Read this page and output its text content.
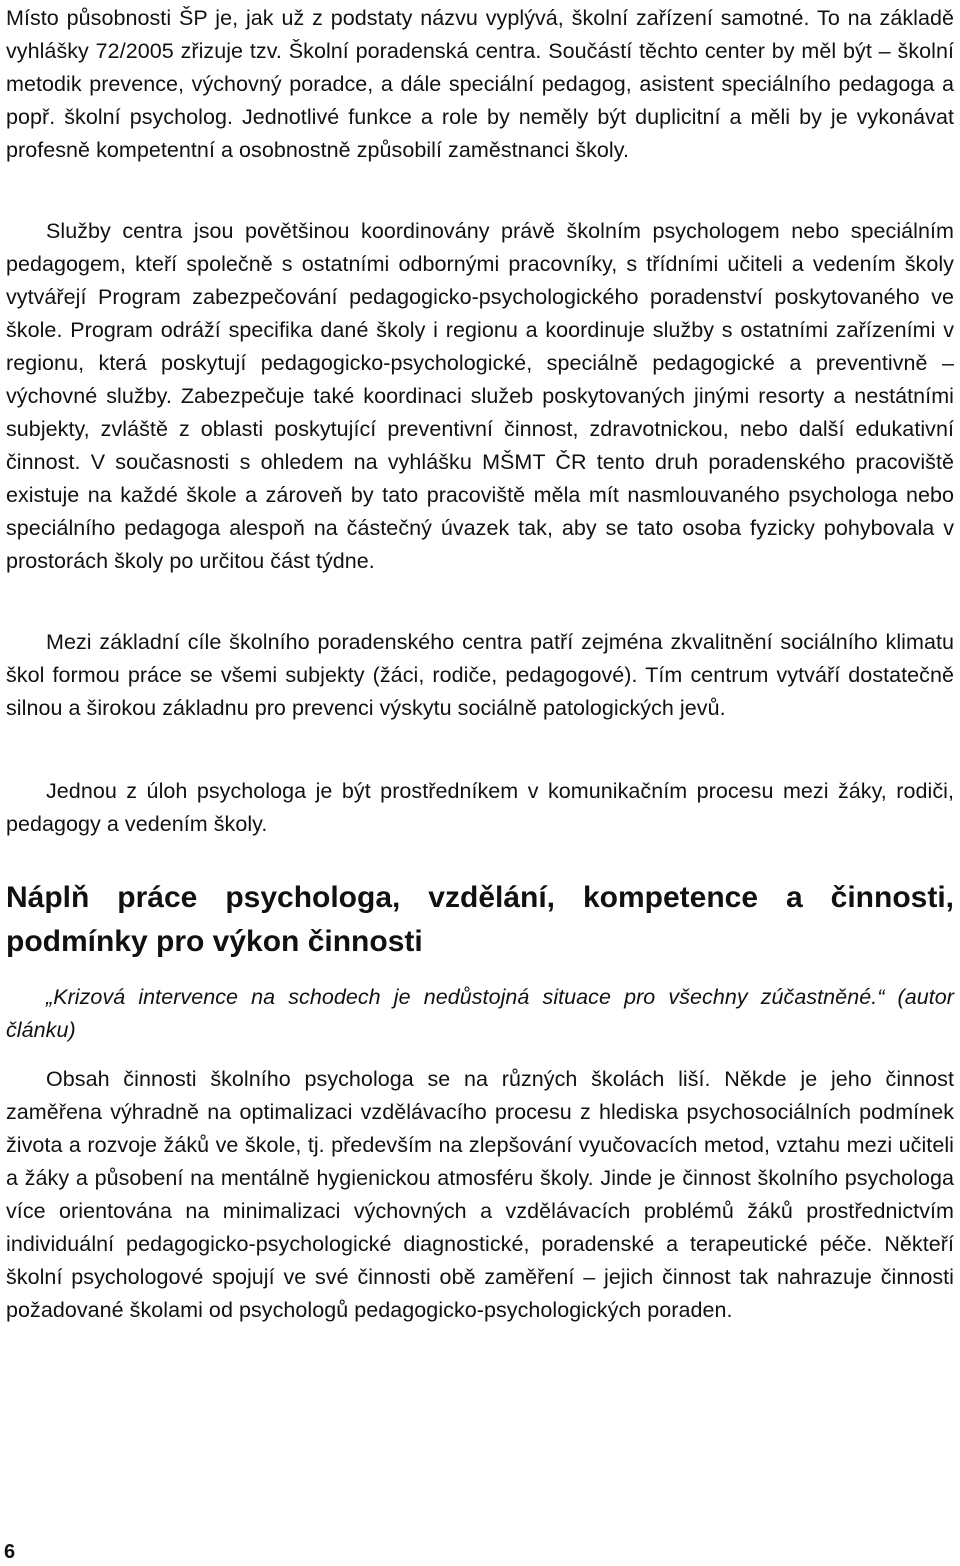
Místo působnosti ŠP je, jak už z podstaty názvu vyplývá, školní zařízení samotné. To na základě vyhlášky 72/2005 zřizuje tzv. Školní poradenská centra. Součástí těchto center by měl být – školní metodik prevence, výchovný poradce, a dále speciální pedagog, asistent speciálního pedagoga a popř. školní psycholog. Jednotlivé funkce a role by neměly být duplicitní a měli by je vykonávat profesně kompetentní a osobnostně způsobilí zaměstnanci školy.

Služby centra jsou povětšinou koordinovány právě školním psychologem nebo speciálním pedagogem, kteří společně s ostatními odbornými pracovníky, s třídními učiteli a vedením školy vytvářejí Program zabezpečování pedagogicko-psychologického poradenství poskytovaného ve škole. Program odráží specifika dané školy i regionu a koordinuje služby s ostatními zařízeními v regionu, která poskytují pedagogicko-psychologické, speciálně pedagogické a preventivně – výchovné služby. Zabezpečuje také koordinaci služeb poskytovaných jinými resorty a nestátními subjekty, zvláště z oblasti poskytující preventivní činnost, zdravotnickou, nebo další edukativní činnost. V současnosti s ohledem na vyhlášku MŠMT ČR tento druh poradenského pracoviště existuje na každé škole a zároveň by tato pracoviště měla mít nasmlouvaného psychologa nebo speciálního pedagoga alespoň na částečný úvazek tak, aby se tato osoba fyzicky pohybovala v prostorách školy po určitou část týdne.

Mezi základní cíle školního poradenského centra patří zejména zkvalitnění sociálního klimatu škol formou práce se všemi subjekty (žáci, rodiče, pedagogové). Tím centrum vytváří dostatečně silnou a širokou základnu pro prevenci výskytu sociálně patologických jevů.

Jednou z úloh psychologa je být prostředníkem v komunikačním procesu mezi žáky, rodiči, pedagogy a vedením školy.

Náplň práce psychologa, vzdělání, kompetence a činnosti, podmínky pro výkon činnosti

„Krizová intervence na schodech je nedůstojná situace pro všechny zúčastněné.“ (autor článku)

Obsah činnosti školního psychologa se na různých školách liší. Někde je jeho činnost zaměřena výhradně na optimalizaci vzdělávacího procesu z hlediska psychosociálních podmínek života a rozvoje žáků ve škole, tj. především na zlepšování vyučovacích metod, vztahu mezi učiteli a žáky a působení na mentálně hygienickou atmosféru školy. Jinde je činnost školního psychologa více orientována na minimalizaci výchovných a vzdělávacích problémů žáků prostřednictvím individuální pedagogicko-psychologické diagnostické, poradenské a terapeutické péče. Někteří školní psychologové spojují ve své činnosti obě zaměření – jejich činnost tak nahrazuje činnosti požadované školami od psychologů pedagogicko-psychologických poraden.

6
